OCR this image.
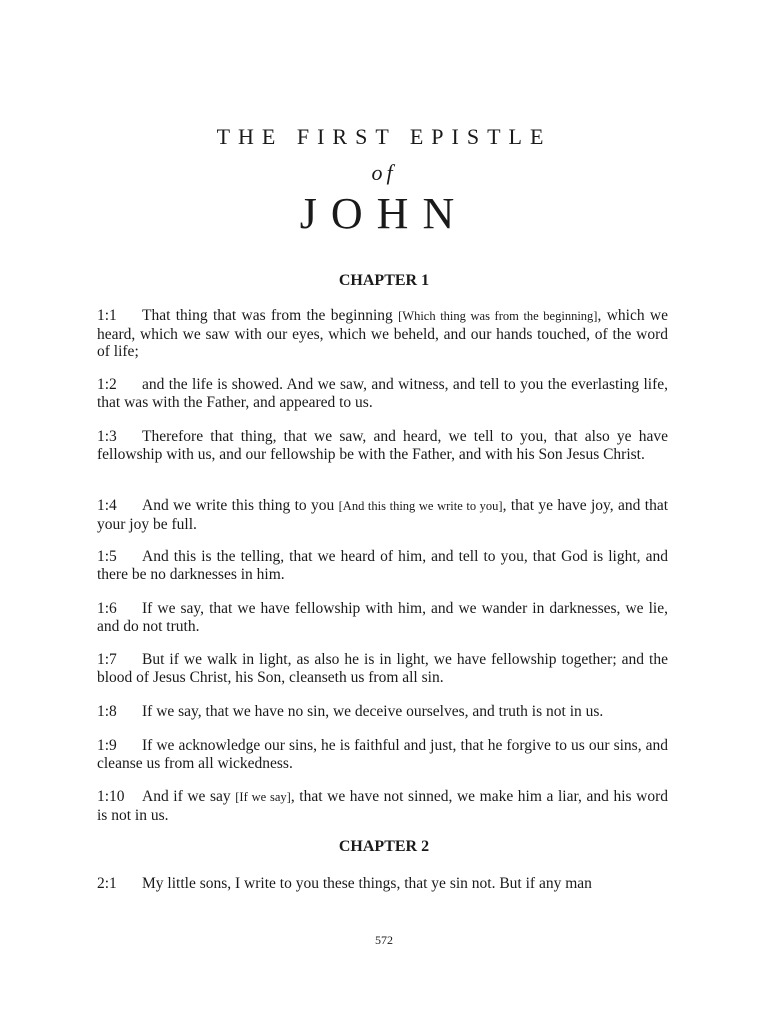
THE FIRST EPISTLE
of
JOHN
CHAPTER 1
1:1 That thing that was from the beginning [Which thing was from the beginning], which we heard, which we saw with our eyes, which we beheld, and our hands touched, of the word of life;
1:2 and the life is showed. And we saw, and witness, and tell to you the everlasting life, that was with the Father, and appeared to us.
1:3 Therefore that thing, that we saw, and heard, we tell to you, that also ye have fellowship with us, and our fellowship be with the Father, and with his Son Jesus Christ.
1:4 And we write this thing to you [And this thing we write to you], that ye have joy, and that your joy be full.
1:5 And this is the telling, that we heard of him, and tell to you, that God is light, and there be no darknesses in him.
1:6 If we say, that we have fellowship with him, and we wander in darknesses, we lie, and do not truth.
1:7 But if we walk in light, as also he is in light, we have fellowship together; and the blood of Jesus Christ, his Son, cleanseth us from all sin.
1:8 If we say, that we have no sin, we deceive ourselves, and truth is not in us.
1:9 If we acknowledge our sins, he is faithful and just, that he forgive to us our sins, and cleanse us from all wickedness.
1:10 And if we say [If we say], that we have not sinned, we make him a liar, and his word is not in us.
CHAPTER 2
2:1 My little sons, I write to you these things, that ye sin not. But if any man
572
